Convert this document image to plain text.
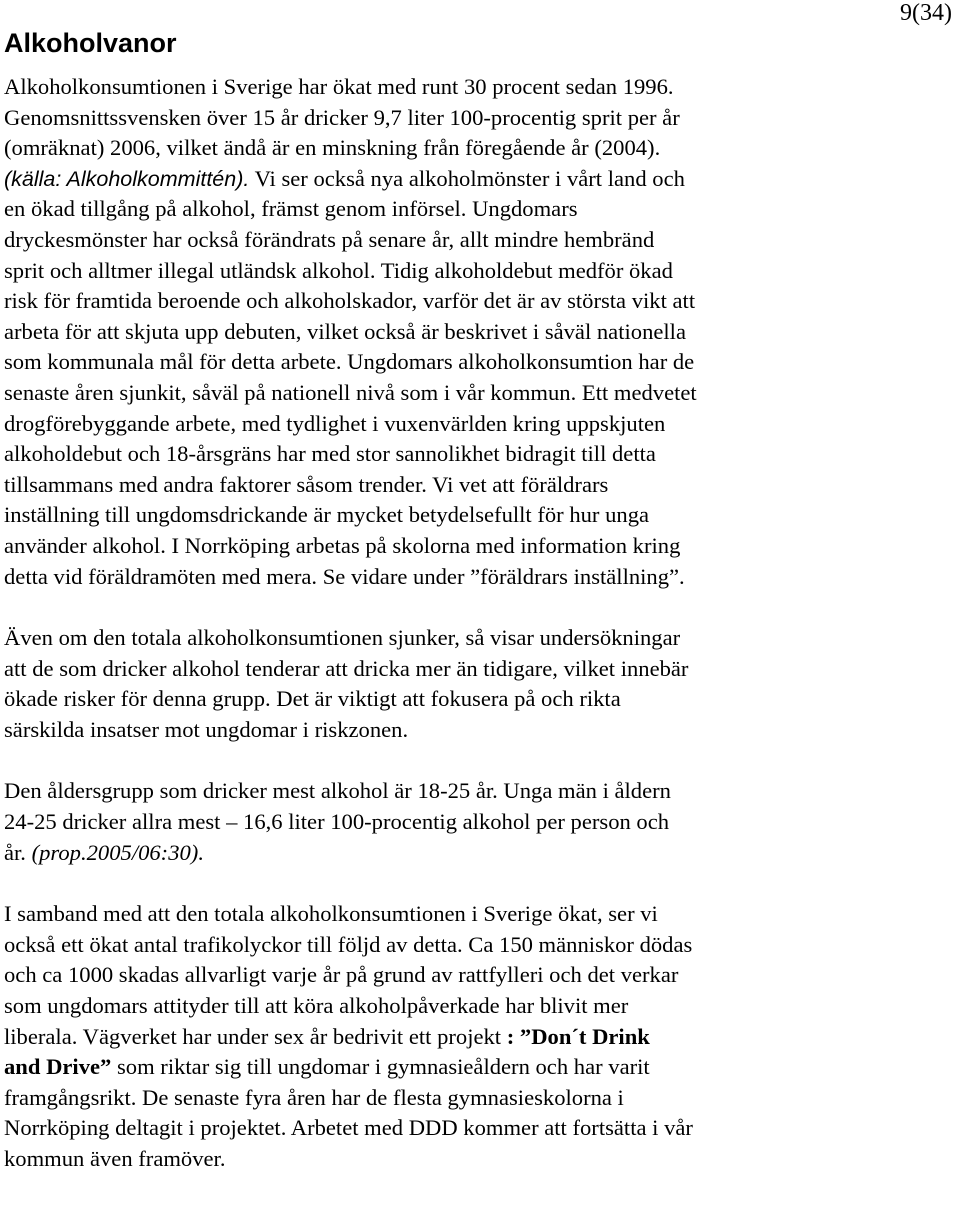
9(34)
Alkoholvanor

Alkoholkonsumtionen i Sverige har ökat med runt 30 procent sedan 1996.
Genomsnittssvensken över 15 år dricker 9,7 liter 100-procentig sprit per år
(omräknat) 2006, vilket ändå är en minskning från föregående år (2004).
(källa: Alkoholkommittén). Vi ser också nya alkoholmönster i vårt land och
en ökad tillgång på alkohol, främst genom införsel. Ungdomars
dryckesmönster har också förändrats på senare år, allt mindre hembränd
sprit och alltmer illegal utländsk alkohol. Tidig alkoholdebut medför ökad
risk för framtida beroende och alkoholskador, varför det är av största vikt att
arbeta för att skjuta upp debuten, vilket också är beskrivet i såväl nationella
som kommunala mål för detta arbete. Ungdomars alkoholkonsumtion har de
senaste åren sjunkit, såväl på nationell nivå som i vår kommun. Ett medvetet
drogförebyggande arbete, med tydlighet i vuxenvärlden kring uppskjuten
alkoholdebut och 18-årsgräns har med stor sannolikhet bidragit till detta
tillsammans med andra faktorer såsom trender. Vi vet att föräldrars
inställning till ungdomsdrickande är mycket betydelsefullt för hur unga
använder alkohol. I Norrköping arbetas på skolorna med information kring
detta vid föräldramöten med mera. Se vidare under ”föräldrars inställning”.

Även om den totala alkoholkonsumtionen sjunker, så visar undersökningar
att de som dricker alkohol tenderar att dricka mer än tidigare, vilket innebär
ökade risker för denna grupp. Det är viktigt att fokusera på och rikta
särskilda insatser mot ungdomar i riskzonen.

Den åldersgrupp som dricker mest alkohol är 18-25 år. Unga män i åldern
24-25 dricker allra mest – 16,6 liter 100-procentig alkohol per person och
år. (prop.2005/06:30).

I samband med att den totala alkoholkonsumtionen i Sverige ökat, ser vi
också ett ökat antal trafikolyckor till följd av detta. Ca 150 människor dödas
och ca 1000 skadas allvarligt varje år på grund av rattfylleri och det verkar
som ungdomars attityder till att köra alkoholpåverkade har blivit mer
liberala. Vägverket har under sex år bedrivit ett projekt : ”Don´t Drink
and Drive” som riktar sig till ungdomar i gymnasieåldern och har varit
framgångsrikt. De senaste fyra åren har de flesta gymnasieskolorna i
Norrköping deltagit i projektet. Arbetet med DDD kommer att fortsätta i vår
kommun även framöver.
